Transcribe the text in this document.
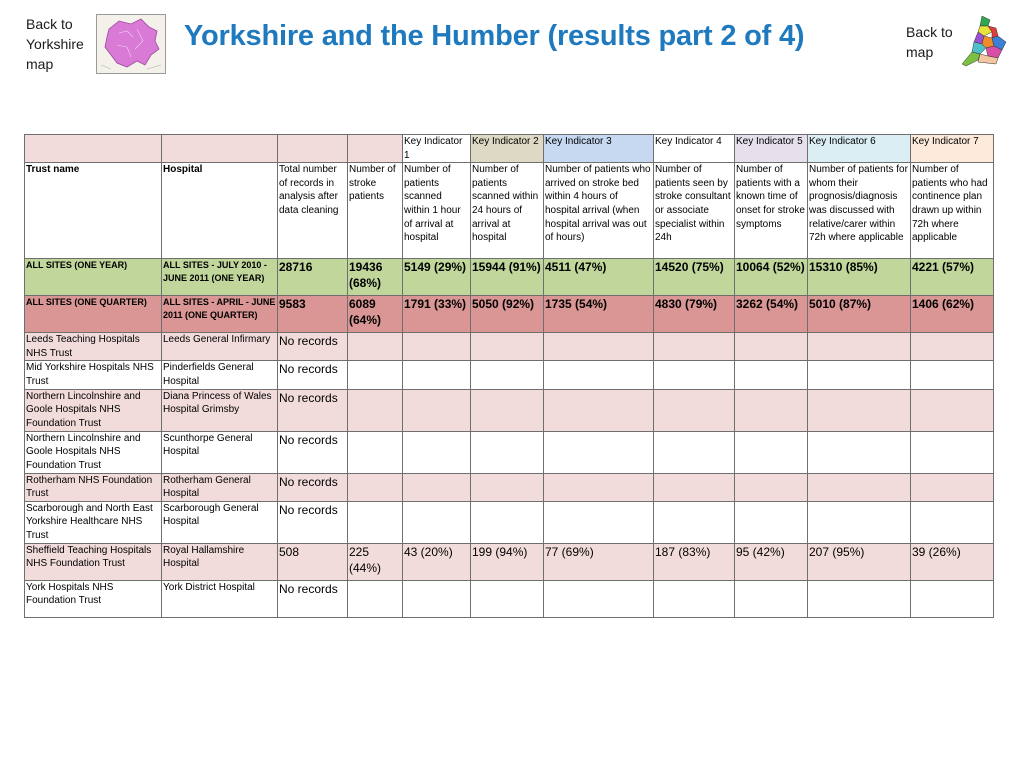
Back to Yorkshire map
Yorkshire and the Humber (results part 2 of 4)	Back to map
				Key Indicator 1	Key Indicator 2	Key Indicator 3	Key Indicator 4	Key Indicator 5	Key Indicator 6	Key Indicator 7
Trust name	Hospital	Total number of records in analysis after data cleaning	Number of stroke patients	Number of patients scanned within 1 hour of arrival at hospital	Number of patients scanned within 24 hours of arrival at hospital	Number of patients who arrived on stroke bed within 4 hours of hospital arrival (when hospital arrival was out of hours)	Number of patients seen by stroke consultant or associate specialist within 24h	Number of patients with a known time of onset for stroke symptoms	Number of patients for whom their prognosis/diagnosis was discussed with relative/carer within 72h where applicable	Number of patients who had continence plan drawn up within 72h where applicable
ALL SITES (ONE YEAR)	ALL SITES - JULY 2010 - JUNE 2011 (ONE YEAR)	28716	19436 (68%)	5149 (29%)	15944 (91%)	4511 (47%)	14520 (75%)	10064 (52%)	15310 (85%)	4221 (57%)
ALL SITES (ONE QUARTER)	ALL SITES - APRIL - JUNE 2011 (ONE QUARTER)	9583	6089 (64%)	1791 (33%)	5050 (92%)	1735 (54%)	4830 (79%)	3262 (54%)	5010 (87%)	1406 (62%)
Leeds Teaching Hospitals NHS Trust	Leeds General Infirmary	No records								
Mid Yorkshire Hospitals NHS Trust	Pinderfields General Hospital	No records								
Northern Lincolnshire and Goole Hospitals NHS Foundation Trust	Diana Princess of Wales Hospital Grimsby	No records								
Northern Lincolnshire and Goole Hospitals NHS Foundation Trust	Scunthorpe General Hospital	No records								
Rotherham NHS Foundation Trust	Rotherham General Hospital	No records								
Scarborough and North East Yorkshire Healthcare NHS Trust	Scarborough General Hospital	No records								
Sheffield Teaching Hospitals NHS Foundation Trust	Royal Hallamshire Hospital	508	225 (44%)	43 (20%)	199 (94%)	77 (69%)	187 (83%)	95 (42%)	207 (95%)	39 (26%)
York Hospitals NHS Foundation Trust	York District Hospital	No records								
